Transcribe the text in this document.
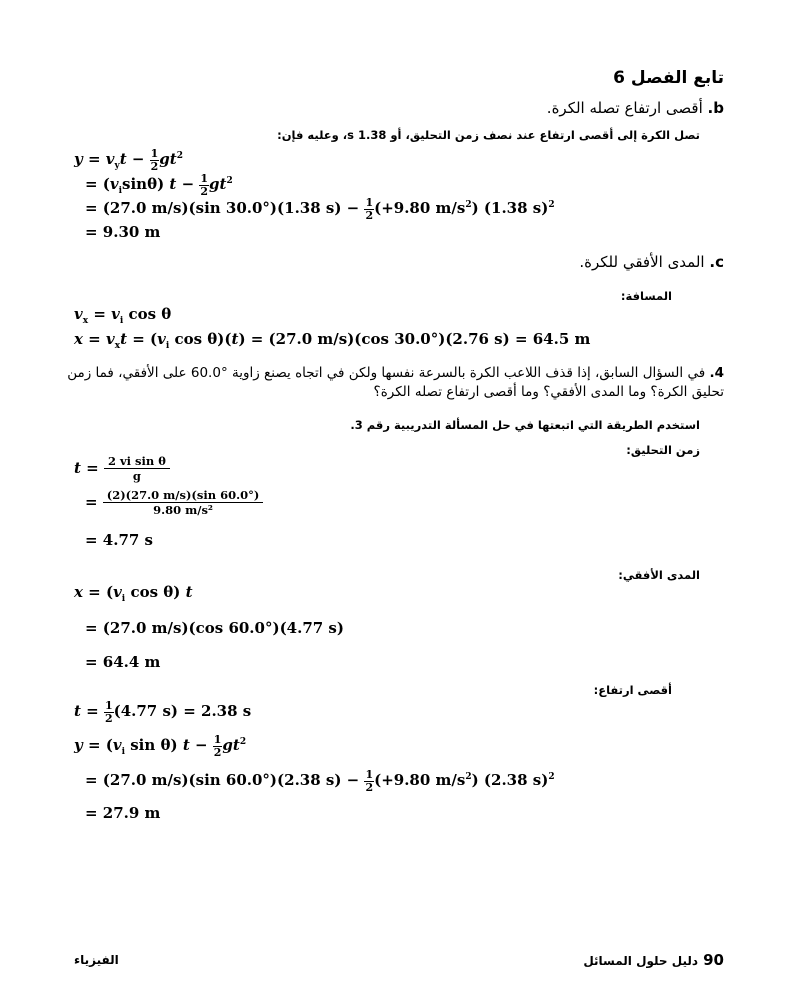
تابع الفصل 6
b. أقصى ارتفاع تصله الكرة.
تصل الكرة إلى أقصى ارتفاع عند نصف زمن التحليق، أو 1.38 s، وعليه فإن:
$y = v_yt - \frac{1}{2} gt^2$
= $(v_i\sin\theta) t - \frac{1}{2} gt^2$
= (27.0 m/s)(sin 30.0°)(1.38 $s) - \frac{1}{2} (+9.80$ $m/s^2$) (1.38 s)$^2$
= 9.30 m
c. المدى الأفقي للكرة.
المسافة:
$v_x = v_i$ cos θ
$x = v_xt = (v_i$ cos θ)(t) = (27.0 m/s)(cos 30.0°)(2.76 s) = 64.5 m
4. في السؤال السابق، إذا قذف اللاعب الكرة بالسرعة نفسها ولكن في اتجاه يصنع زاوية °60.0 على الأفقي، فما زمن
تحليق الكرة؟ وما المدى الأفقي؟ وما أقصى ارتفاع تصله الكرة؟
استخدم الطريقة التي اتبعتها في حل المسألة التدريبية رقم 3.
زمن التحليق:
$t = \frac{\text{2 vi sin θ}}{g}$
= $\frac{(2)(27.0 m/s)(\sin 60.0^\circ)}{\text{9.80 m/s²}}$
= 4.77 s
المدى الأفقي:
$x = (v_i$ cos θ) t
= (27.0 m/s)(cos 60.0°)(4.77 s)
= 64.4 m
أقصى ارتفاع:
$t = \frac{1}{2} (4.77$ s) = 2.38 s
$y = (v_i$ sin θ) $t - \frac{1}{2} gt^2$
= (27.0 m/s)(sin 60.0°)(2.38 $s) - \frac{1}{2} (+9.80$ $m/s^2$) (2.38 s)$^2$
= 27.9 m
90 دليل حلول المسائل
الفيزياء
